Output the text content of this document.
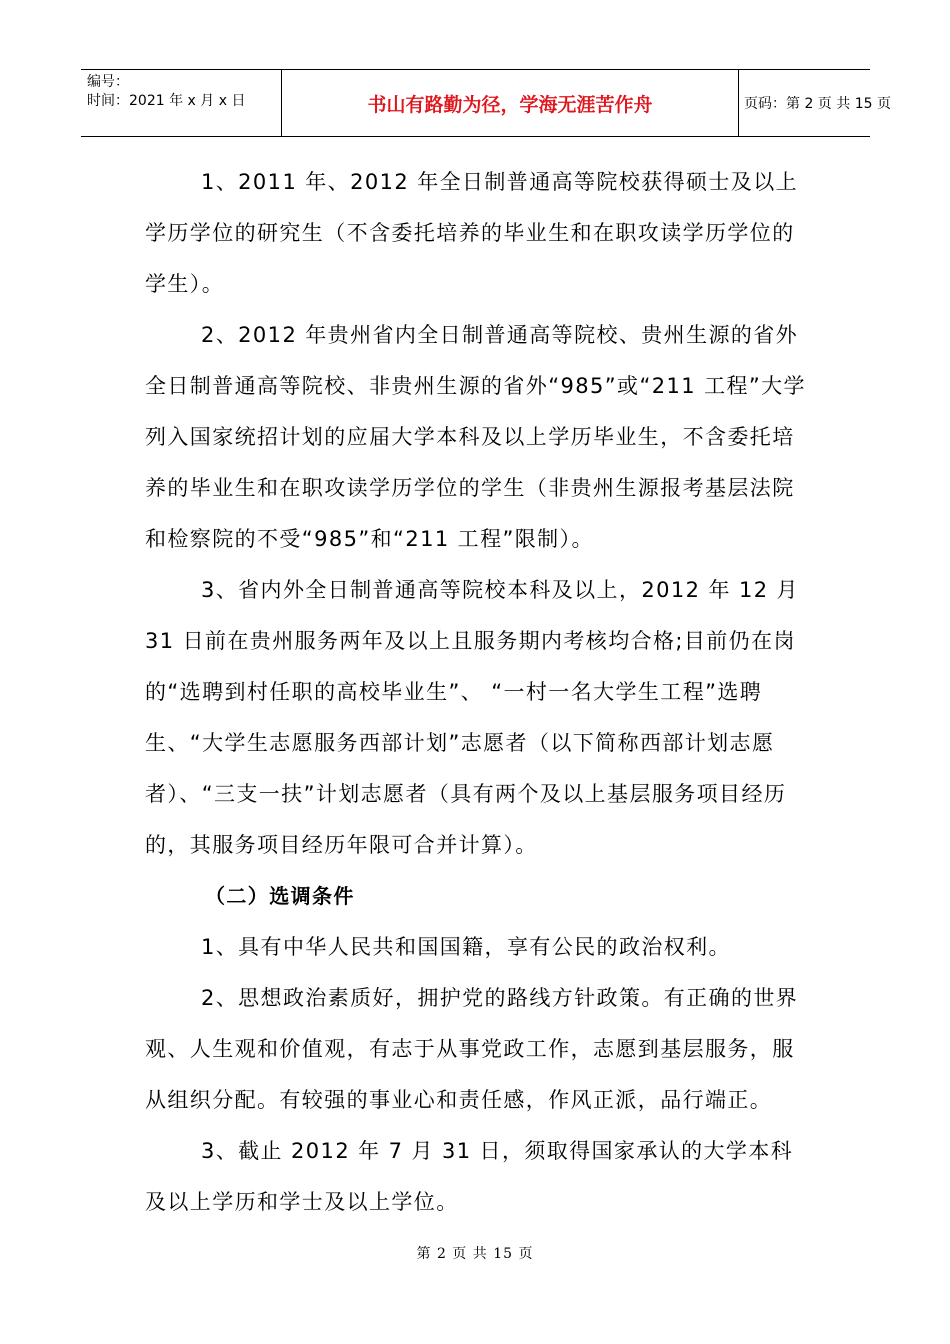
编号：
时间：2021 年 x 月 x 日	书山有路勤为径，学海无涯苦作舟	页码：第 2 页 共 15 页

1、2011 年、2012 年全日制普通高等院校获得硕士及以上学历学位的研究生（不含委托培养的毕业生和在职攻读学历学位的学生）。

2、2012 年贵州省内全日制普通高等院校、贵州生源的省外全日制普通高等院校、非贵州生源的省外“985”或“211 工程”大学列入国家统招计划的应届大学本科及以上学历毕业生，不含委托培养的毕业生和在职攻读学历学位的学生（非贵州生源报考基层法院和检察院的不受“985”和“211 工程”限制）。

3、省内外全日制普通高等院校本科及以上，2012 年 12 月 31 日前在贵州服务两年及以上且服务期内考核均合格;目前仍在岗的“选聘到村任职的高校毕业生”、 “一村一名大学生工程”选聘生、“大学生志愿服务西部计划”志愿者（以下简称西部计划志愿者）、“三支一扶”计划志愿者（具有两个及以上基层服务项目经历的，其服务项目经历年限可合并计算）。

（二）选调条件

1、具有中华人民共和国国籍，享有公民的政治权利。

2、思想政治素质好，拥护党的路线方针政策。有正确的世界观、人生观和价值观，有志于从事党政工作，志愿到基层服务，服从组织分配。有较强的事业心和责任感，作风正派，品行端正。

3、截止 2012 年 7 月 31 日，须取得国家承认的大学本科及以上学历和学士及以上学位。

第 2 页 共 15 页
